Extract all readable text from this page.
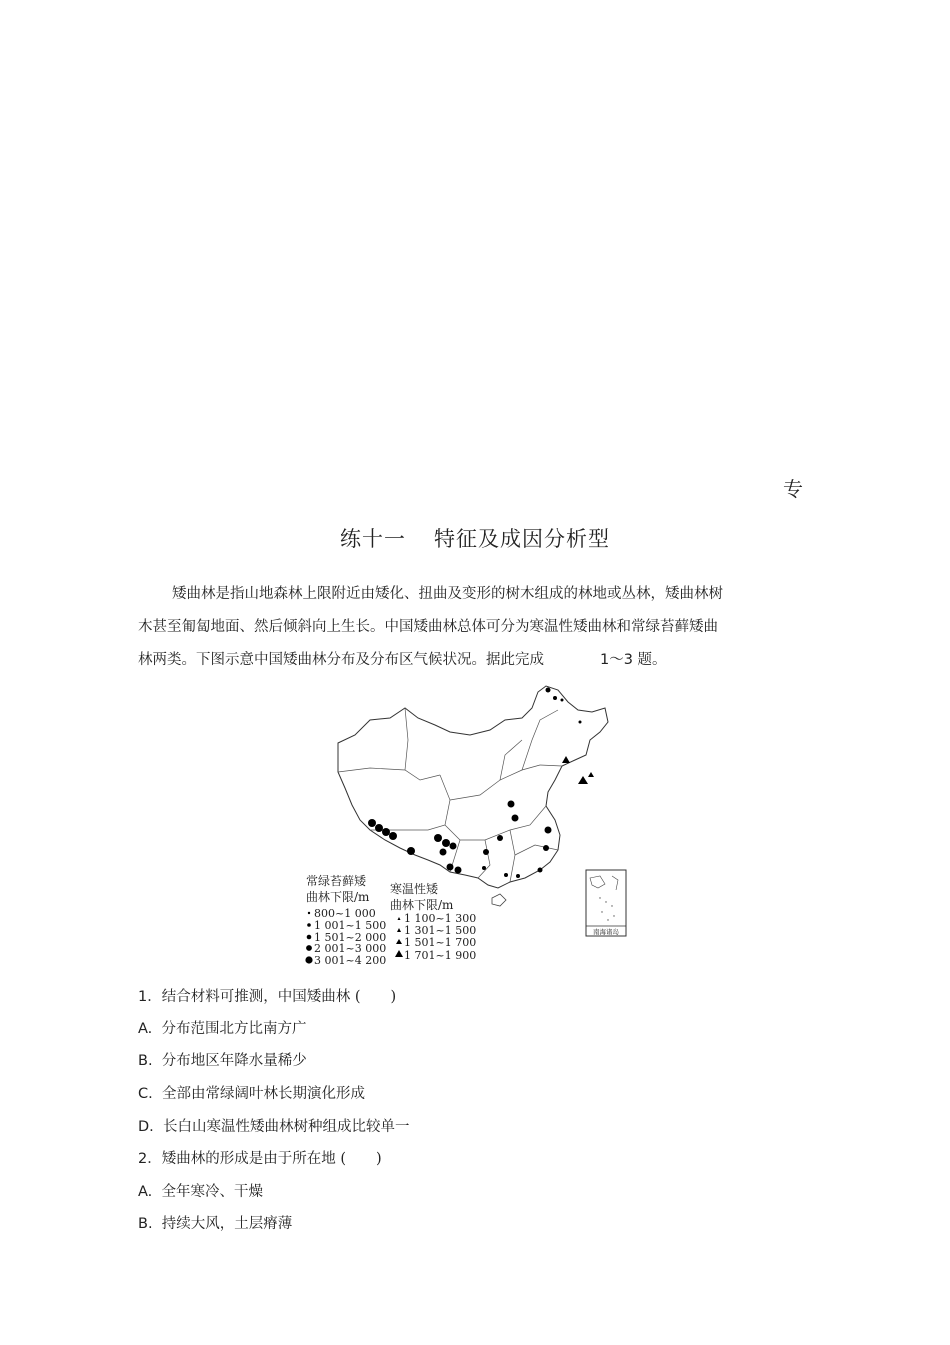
专
练十一 特征及成因分析型
矮曲林是指山地森林上限附近由矮化、扭曲及变形的树木组成的林地或丛林，矮曲林树
木甚至匍匐地面、然后倾斜向上生长。中国矮曲林总体可分为寒温性矮曲林和常绿苔藓矮曲
林两类。下图示意中国矮曲林分布及分布区气候状况。据此完成	1～3 题。
常绿苔藓矮
曲林下限/m
800~1 000
1 001~1 500
1 501~2 000
2 001~3 000
3 001~4 200
寒温性矮
曲林下限/m
1 100~1 300
1 301~1 500
1 501~1 700
1 701~1 900
南海诸岛
1．结合材料可推测，中国矮曲林 ()
A. 分布范围北方比南方广
B. 分布地区年降水量稀少
C. 全部由常绿阔叶林长期演化形成
D. 长白山寒温性矮曲林树种组成比较单一
2．矮曲林的形成是由于所在地 ()
A. 全年寒冷、干燥
B. 持续大风，土层瘠薄
